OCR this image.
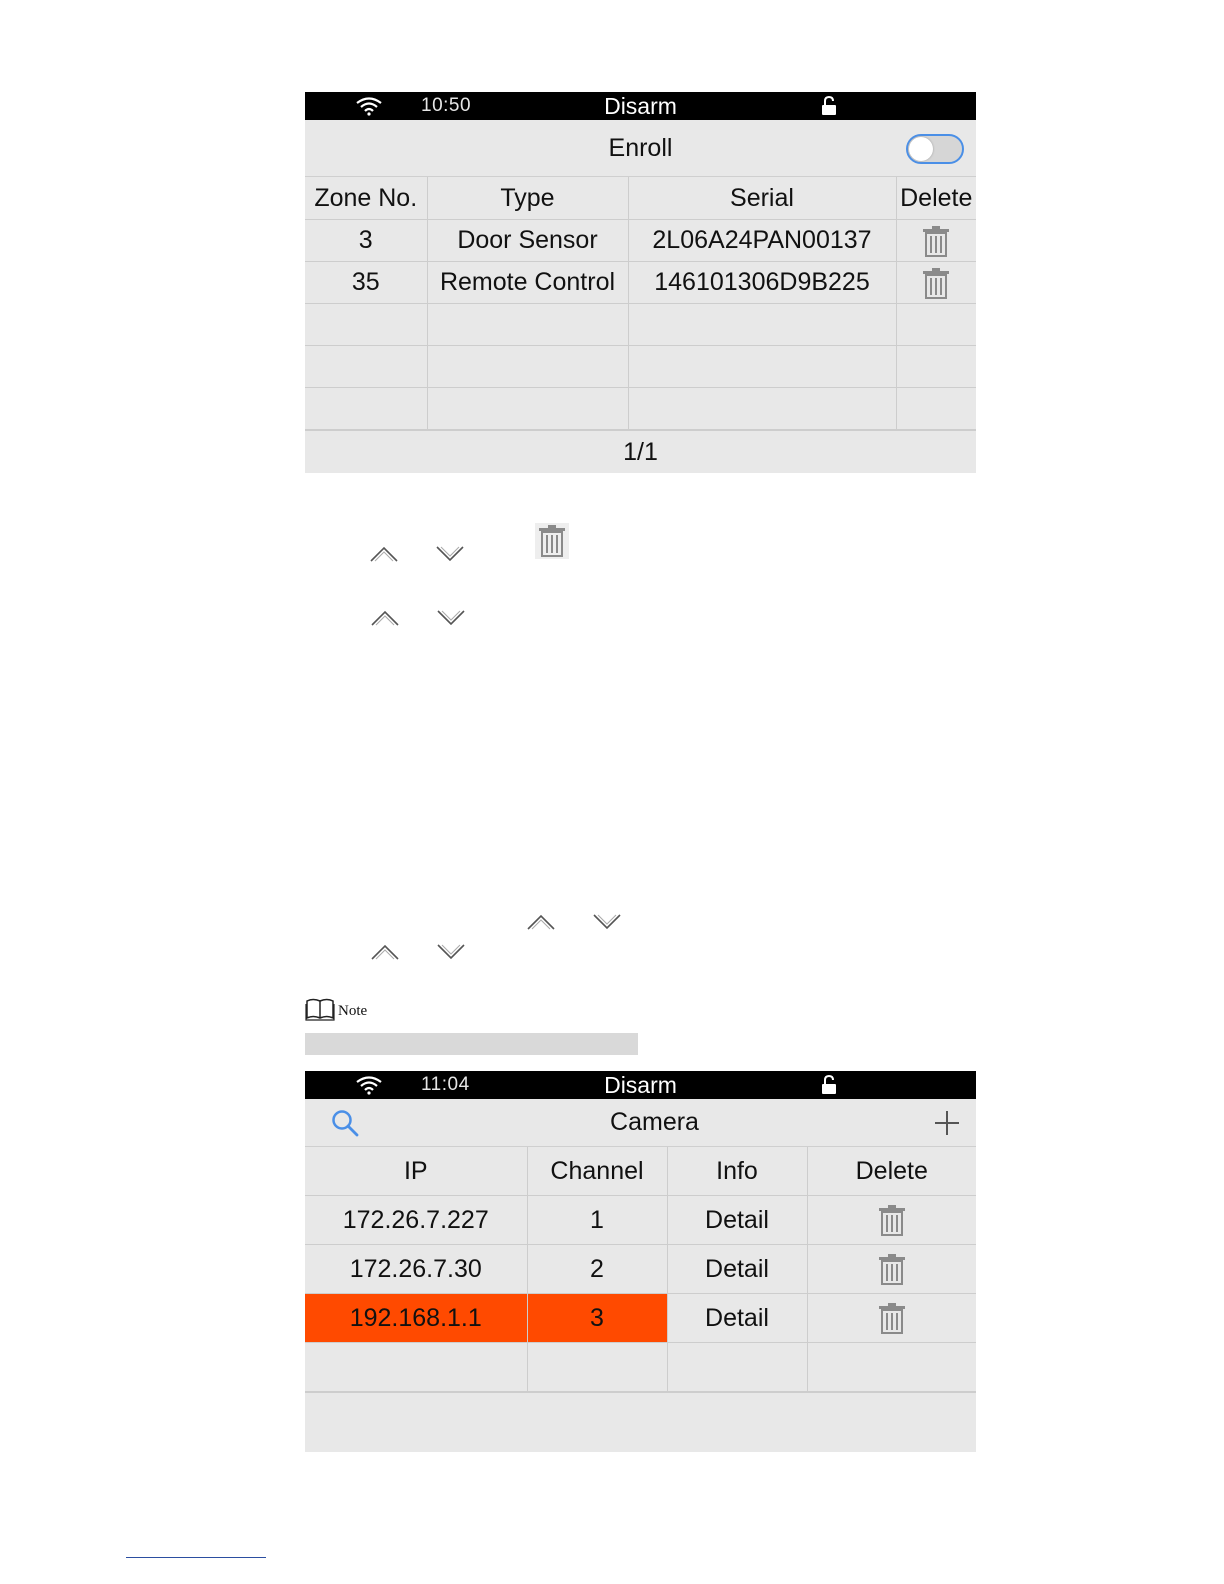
10:50	Disarm
Enroll
Zone No.	Type	Serial	Delete
3	Door Sensor	2L06A24PAN00137	
35	Remote Control	146101306D9B225	

1/1
Note
11:04	Disarm
Camera
IP	Channel	Info	Delete
172.26.7.227	1	Detail	
172.26.7.30	2	Detail	
192.168.1.1	3	Detail	
